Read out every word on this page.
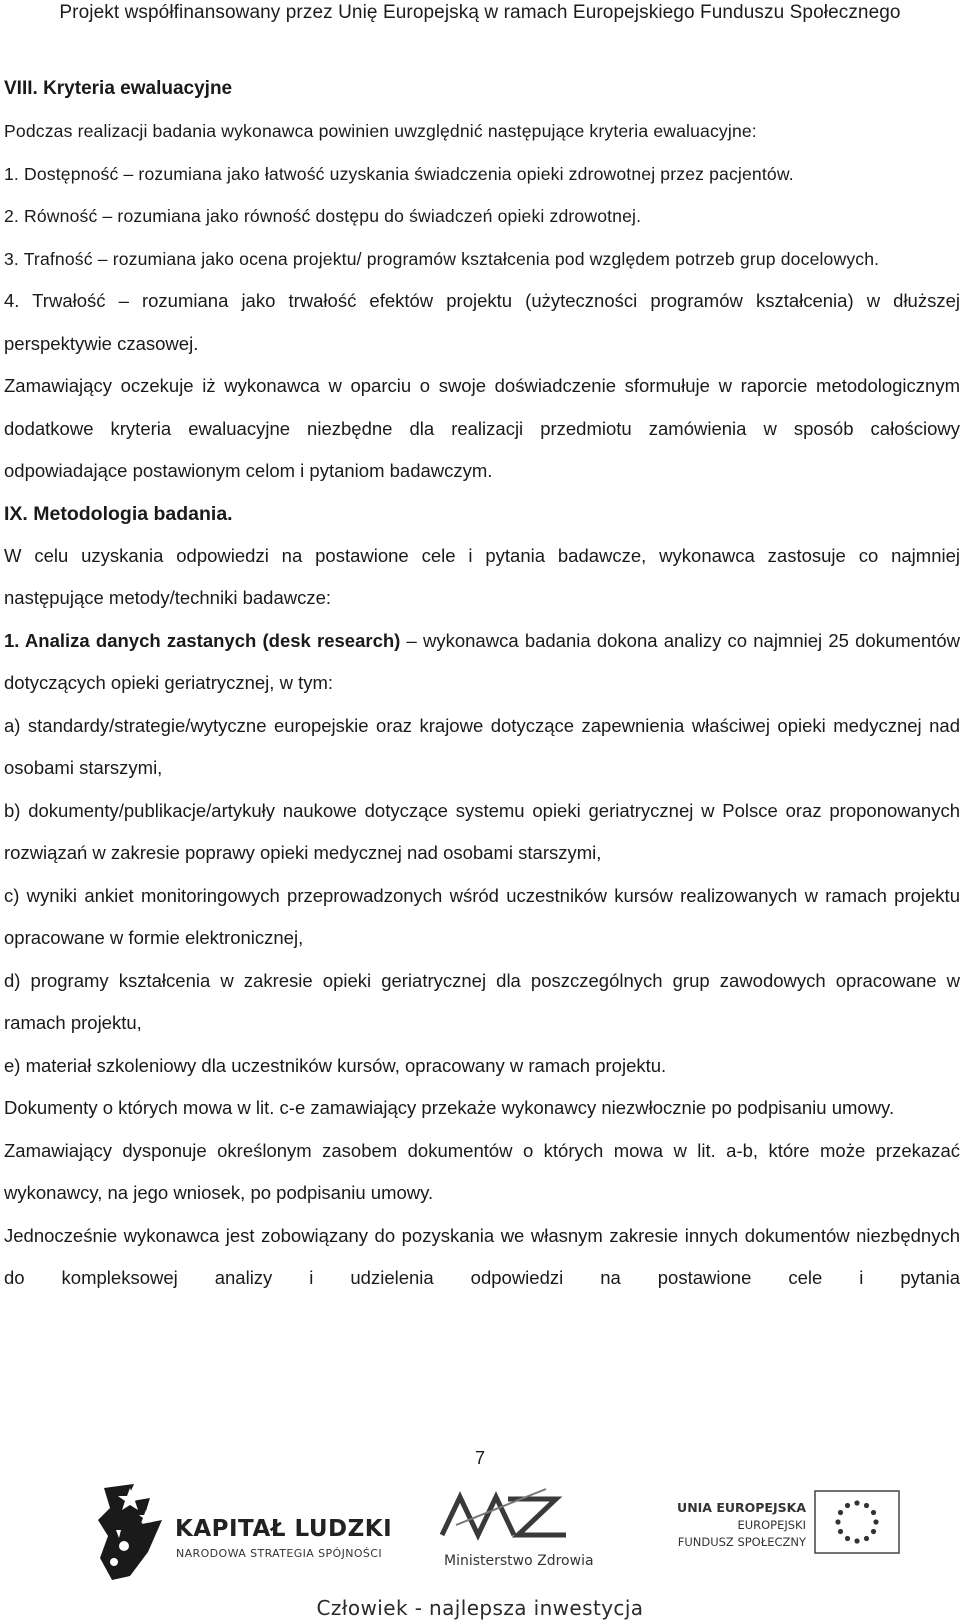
Projekt współfinansowany przez Unię Europejską w ramach Europejskiego Funduszu Społecznego

VIII. Kryteria ewaluacyjne

Podczas realizacji badania wykonawca powinien uwzględnić następujące kryteria ewaluacyjne:

1. Dostępność – rozumiana jako łatwość uzyskania świadczenia opieki zdrowotnej przez pacjentów.

2. Równość – rozumiana jako równość dostępu do świadczeń opieki zdrowotnej.

3. Trafność – rozumiana jako ocena projektu/ programów kształcenia pod względem potrzeb grup docelowych.

4. Trwałość – rozumiana jako trwałość efektów projektu (użyteczności programów kształcenia) w dłuższej perspektywie czasowej.

Zamawiający oczekuje iż wykonawca w oparciu o swoje doświadczenie sformułuje w raporcie metodologicznym dodatkowe kryteria ewaluacyjne niezbędne dla realizacji przedmiotu zamówienia w sposób całościowy odpowiadające postawionym celom i pytaniom badawczym.

IX. Metodologia badania.

W celu uzyskania odpowiedzi na postawione cele i pytania badawcze, wykonawca zastosuje co najmniej następujące metody/techniki badawcze:

1. Analiza danych zastanych (desk research) – wykonawca badania dokona analizy co najmniej 25 dokumentów dotyczących opieki geriatrycznej, w tym:

a) standardy/strategie/wytyczne europejskie oraz krajowe dotyczące zapewnienia właściwej opieki medycznej nad osobami starszymi,

b) dokumenty/publikacje/artykuły naukowe dotyczące systemu opieki geriatrycznej w Polsce oraz proponowanych rozwiązań w zakresie poprawy opieki medycznej nad osobami starszymi,

c) wyniki ankiet monitoringowych przeprowadzonych wśród uczestników kursów realizowanych w ramach projektu opracowane w formie elektronicznej,

d) programy kształcenia w zakresie opieki geriatrycznej dla poszczególnych grup zawodowych opracowane w ramach projektu,

e) materiał szkoleniowy dla uczestników kursów, opracowany w ramach projektu.

Dokumenty o których mowa w lit. c-e zamawiający przekaże wykonawcy niezwłocznie po podpisaniu umowy.

Zamawiający dysponuje określonym zasobem dokumentów o których mowa w lit. a-b, które może przekazać wykonawcy, na jego wniosek, po podpisaniu umowy.

Jednocześnie wykonawca jest zobowiązany do pozyskania we własnym zakresie innych dokumentów niezbędnych do kompleksowej analizy i udzielenia odpowiedzi na postawione cele i pytania

7
KAPITAŁ LUDZKI
NARODOWA STRATEGIA SPÓJNOŚCI	Ministerstwo Zdrowia
UNIA EUROPEJSKA
EUROPEJSKI
FUNDUSZ SPOŁECZNY
Człowiek - najlepsza inwestycja
